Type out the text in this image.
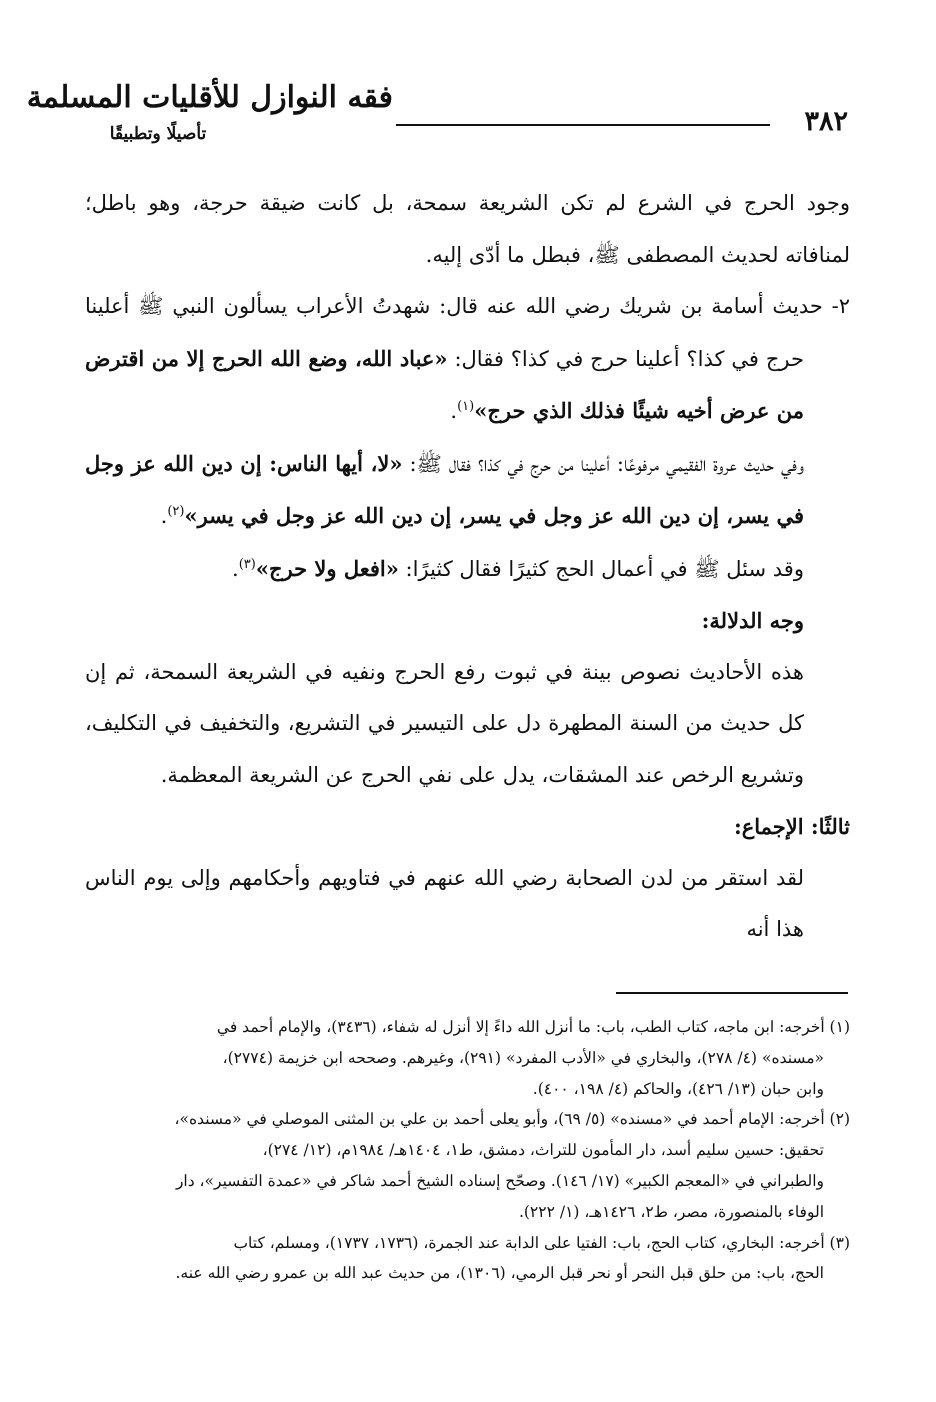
٣٨٢
فقه النوازل للأقليات المسلمة
تأصيلًا وتطبيقًا

وجود الحرج في الشرع لم تكن الشريعة سمحة، بل كانت ضيقة حرجة، وهو باطل؛ لمنافاته لحديث المصطفى ﷺ، فبطل ما أدّى إليه.

٢- حديث أسامة بن شريك رضي الله عنه قال: شهدتُ الأعراب يسألون النبي ﷺ أعلينا حرج في كذا؟ أعلينا حرج في كذا؟ فقال: «عباد الله، وضع الله الحرج إلا من اقترض من عرض أخيه شيئًا فذلك الذي حرج»$^{(١)}$.

وفي حديث عروة الفقيمي مرفوعًا: أعلينا من حرج في كذا؟ فقال ﷺ: «لا، أيها الناس: إن دين الله عز وجل في يسر، إن دين الله عز وجل في يسر، إن دين الله عز وجل في يسر»$^{(٢)}$.

وقد سئل ﷺ في أعمال الحج كثيرًا فقال كثيرًا: «افعل ولا حرج»$^{(٣)}$.

وجه الدلالة:

هذه الأحاديث نصوص بينة في ثبوت رفع الحرج ونفيه في الشريعة السمحة، ثم إن كل حديث من السنة المطهرة دل على التيسير في التشريع، والتخفيف في التكليف، وتشريع الرخص عند المشقات، يدل على نفي الحرج عن الشريعة المعظمة.

ثالثًا: الإجماع:

لقد استقر من لدن الصحابة رضي الله عنهم في فتاويهم وأحكامهم وإلى يوم الناس هذا أنه

(١) أخرجه: ابن ماجه، كتاب الطب، باب: ما أنزل الله داءً إلا أنزل له شفاء، (٣٤٣٦)، والإمام أحمد في
«مسنده» (٤/ ٢٧٨)، والبخاري في «الأدب المفرد» (٢٩١)، وغيرهم. وصححه ابن خزيمة (٢٧٧٤)،
وابن حبان (١٣/ ٤٢٦)، والحاكم (٤/ ١٩٨، ٤٠٠).

(٢) أخرجه: الإمام أحمد في «مسنده» (٥/ ٦٩)، وأبو يعلى أحمد بن علي بن المثنى الموصلي في «مسنده»،
تحقيق: حسين سليم أسد، دار المأمون للتراث، دمشق، ط١، ١٤٠٤هـ/ ١٩٨٤م، (١٢/ ٢٧٤)،
والطبراني في «المعجم الكبير» (١٧/ ١٤٦). وصحّح إسناده الشيخ أحمد شاكر في «عمدة التفسير»، دار
الوفاء بالمنصورة، مصر، ط٢، ١٤٢٦هـ، (١/ ٢٢٢).

(٣) أخرجه: البخاري، كتاب الحج، باب: الفتيا على الدابة عند الجمرة، (١٧٣٦، ١٧٣٧)، ومسلم، كتاب
الحج، باب: من حلق قبل النحر أو نحر قبل الرمي، (١٣٠٦)، من حديث عبد الله بن عمرو رضي الله عنه.
